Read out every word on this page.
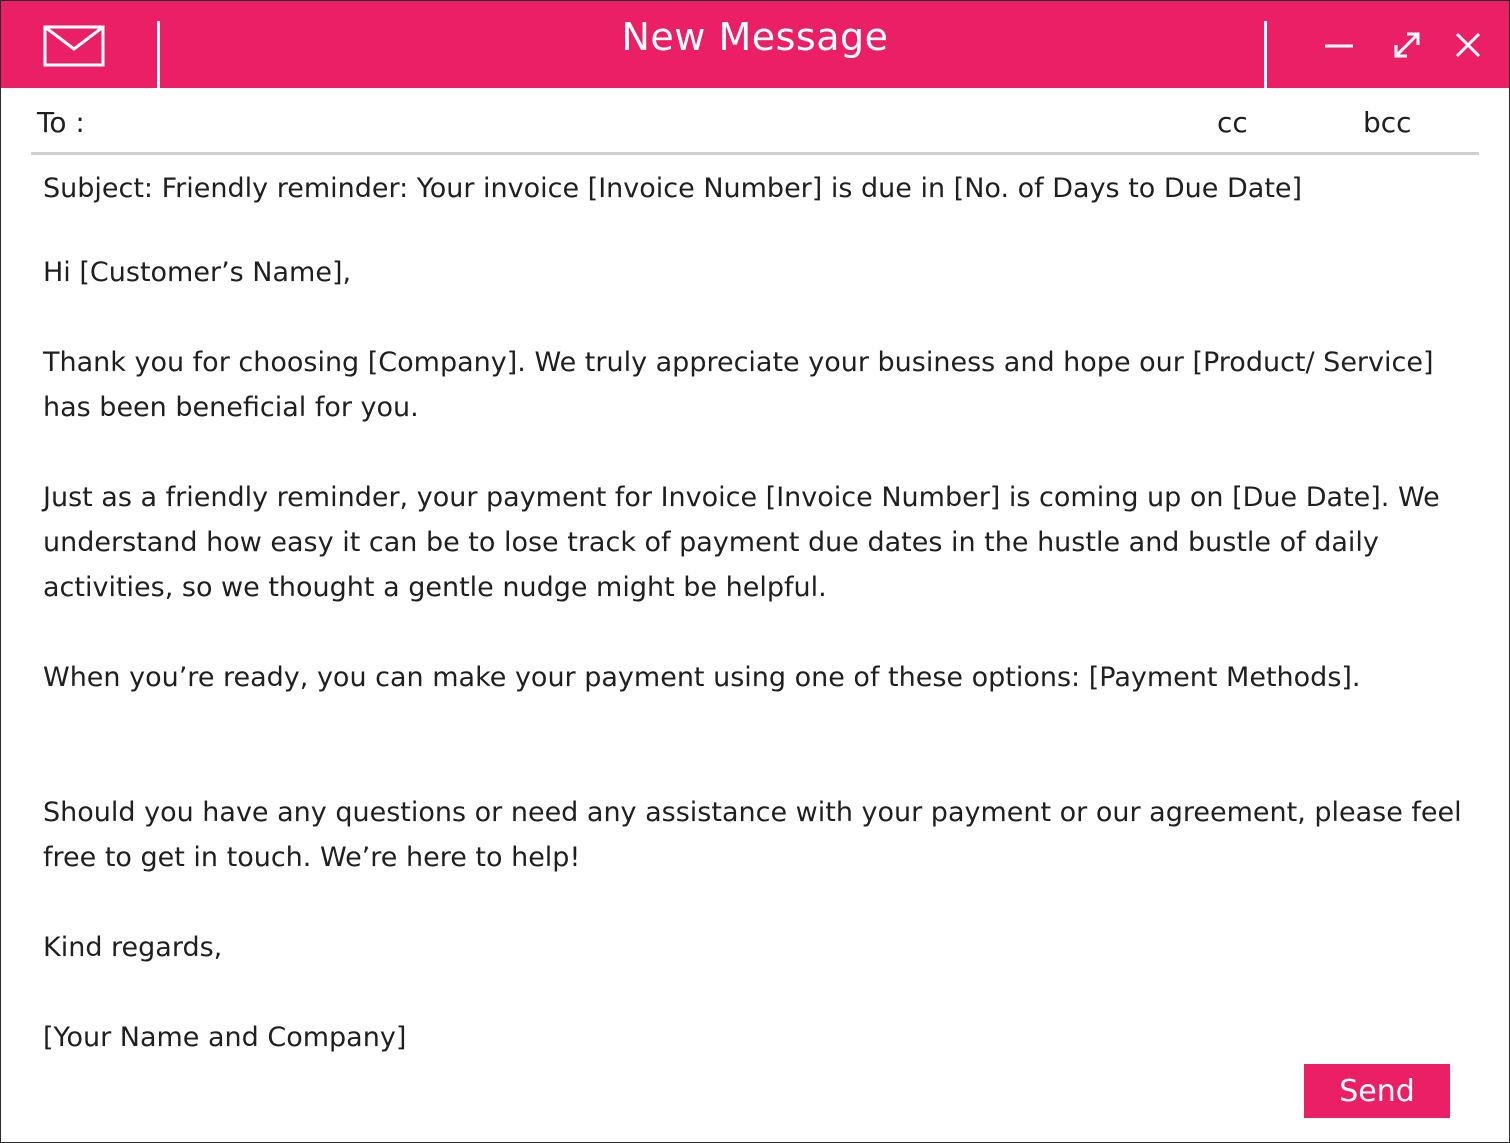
New Message
To :	cc	bcc

Subject: Friendly reminder: Your invoice [Invoice Number] is due in [No. of Days to Due Date]

Hi [Customer’s Name],

Thank you for choosing [Company]. We truly appreciate your business and hope our [Product/ Service] has been beneficial for you.

Just as a friendly reminder, your payment for Invoice [Invoice Number] is coming up on [Due Date]. We understand how easy it can be to lose track of payment due dates in the hustle and bustle of daily activities, so we thought a gentle nudge might be helpful.

When you’re ready, you can make your payment using one of these options: [Payment Methods].

Should you have any questions or need any assistance with your payment or our agreement, please feel free to get in touch. We’re here to help!

Kind regards,

[Your Name and Company]

Send
